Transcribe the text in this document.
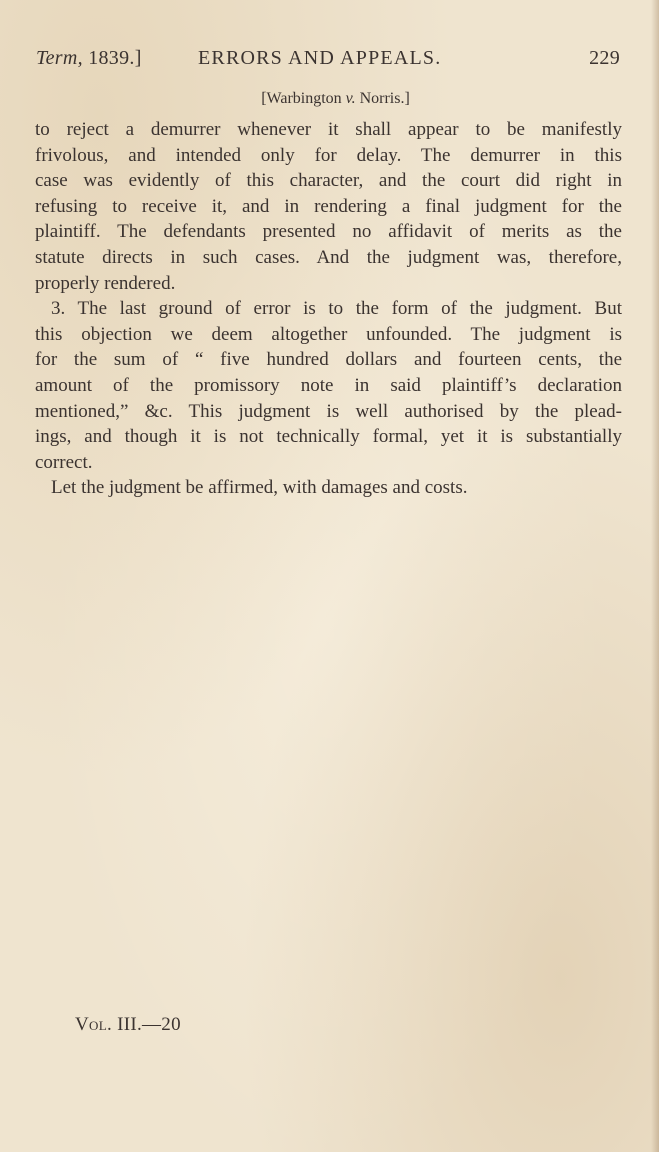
Term, 1839.]	ERRORS AND APPEALS.	229
[Warbington v. Norris.]
to reject a demurrer whenever it shall appear to be manifestly
frivolous, and intended only for delay. The demurrer in this
case was evidently of this character, and the court did right in
refusing to receive it, and in rendering a final judgment for the
plaintiff. The defendants presented no affidavit of merits as the
statute directs in such cases. And the judgment was, therefore,
properly rendered.
3. The last ground of error is to the form of the judgment. But
this objection we deem altogether unfounded. The judgment is
for the sum of “ five hundred dollars and fourteen cents, the
amount of the promissory note in said plaintiff’s declaration
mentioned,” &c. This judgment is well authorised by the plead-
ings, and though it is not technically formal, yet it is substantially
correct.
Let the judgment be affirmed, with damages and costs.
Vol. III.—20
